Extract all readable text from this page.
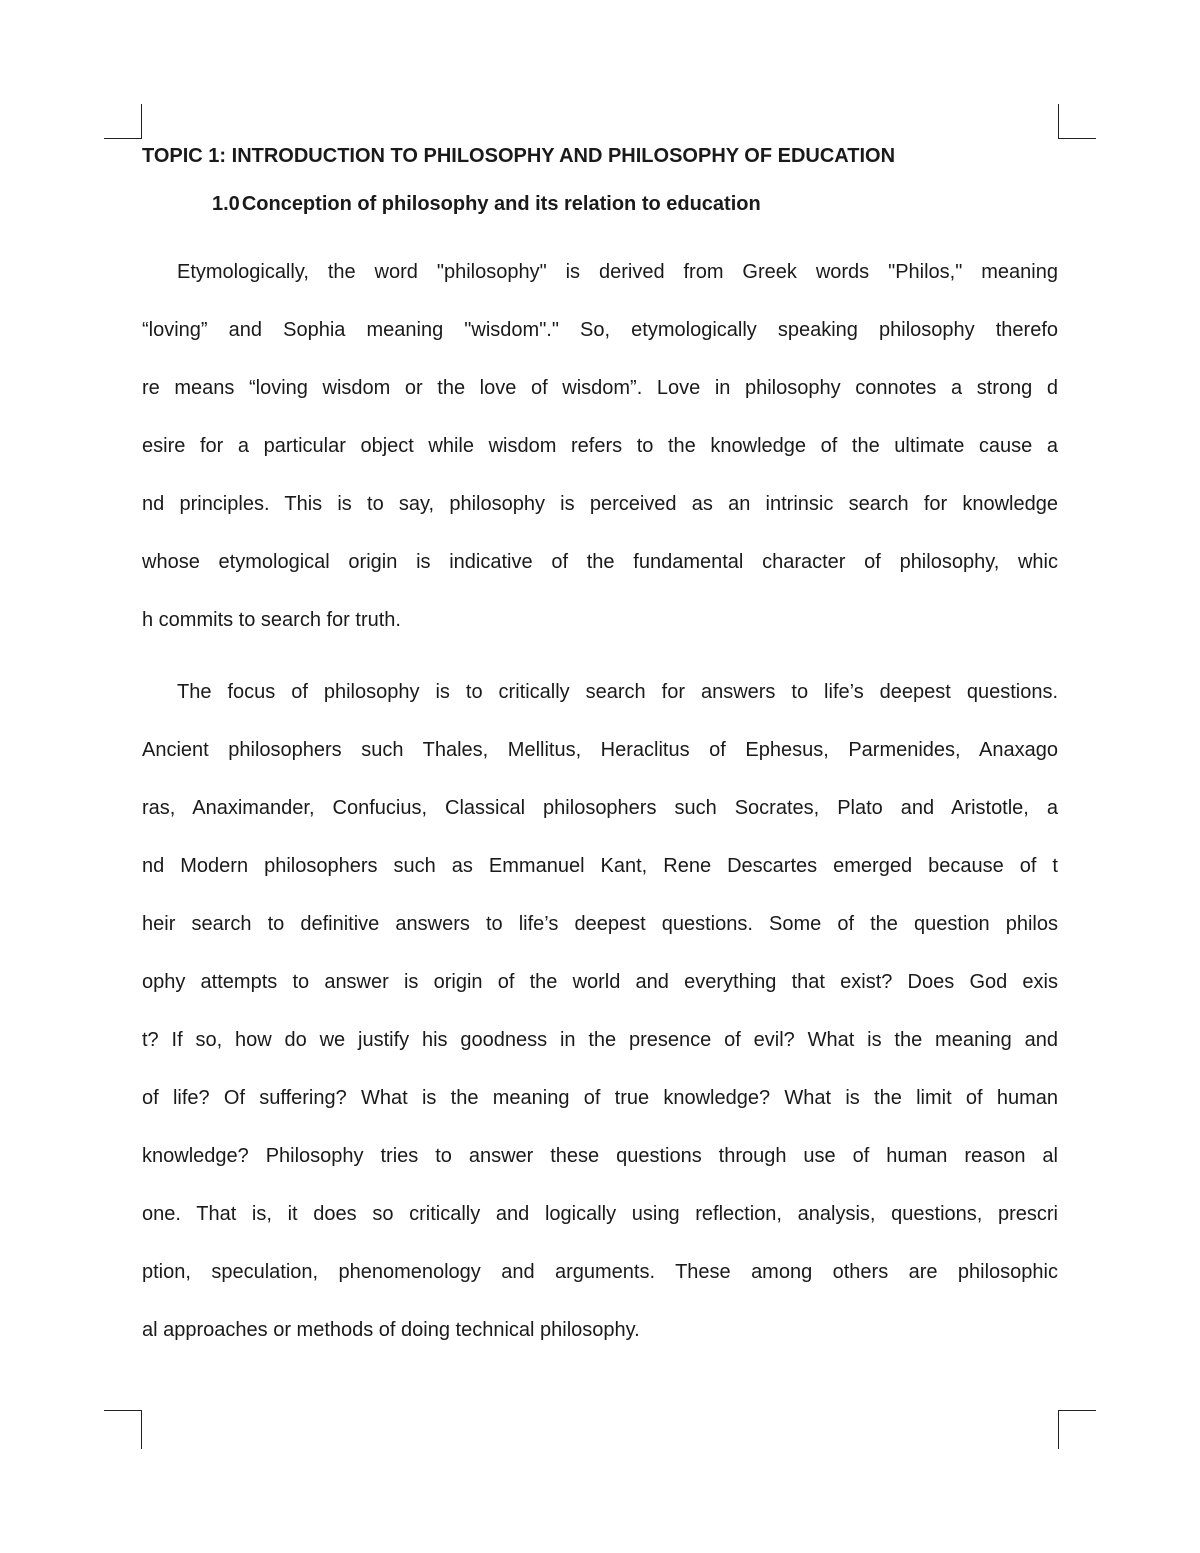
TOPIC 1: INTRODUCTION TO PHILOSOPHY AND PHILOSOPHY OF EDUCATION
1.0 Conception of philosophy and its relation to education

Etymologically, the word "philosophy" is derived from Greek words "Philos," meaning
“loving” and Sophia meaning "wisdom"." So, etymologically speaking philosophy therefo
re means “loving wisdom or the love of wisdom”. Love in philosophy connotes a strong d
esire for a particular object while wisdom refers to the knowledge of the ultimate cause a
nd principles. This is to say, philosophy is perceived as an intrinsic search for knowledge
whose etymological origin is indicative of the fundamental character of philosophy, whic
h commits to search for truth.

The focus of philosophy is to critically search for answers to life’s deepest questions.
Ancient philosophers such Thales, Mellitus, Heraclitus of Ephesus, Parmenides, Anaxago
ras, Anaximander, Confucius, Classical philosophers such Socrates, Plato and Aristotle, a
nd Modern philosophers such as Emmanuel Kant, Rene Descartes emerged because of t
heir search to definitive answers to life’s deepest questions. Some of the question philos
ophy attempts to answer is origin of the world and everything that exist? Does God exis
t? If so, how do we justify his goodness in the presence of evil? What is the meaning and
of life? Of suffering? What is the meaning of true knowledge? What is the limit of human
knowledge? Philosophy tries to answer these questions through use of human reason al
one. That is, it does so critically and logically using reflection, analysis, questions, prescri
ption, speculation, phenomenology and arguments. These among others are philosophic
al approaches or methods of doing technical philosophy.
